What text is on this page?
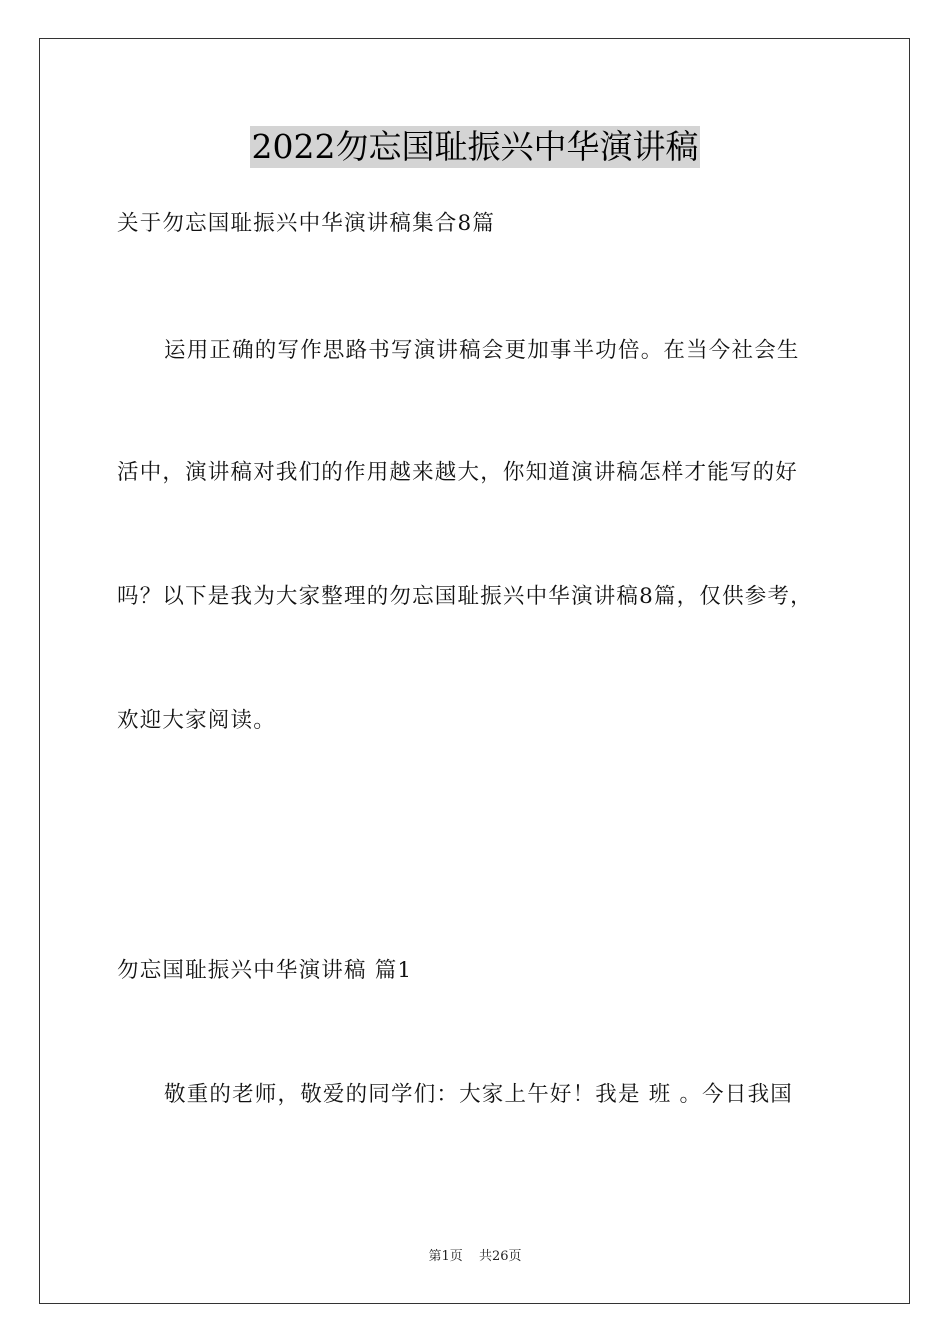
2022勿忘国耻振兴中华演讲稿
关于勿忘国耻振兴中华演讲稿集合8篇
运用正确的写作思路书写演讲稿会更加事半功倍。在当今社会生
活中，演讲稿对我们的作用越来越大，你知道演讲稿怎样才能写的好
吗？以下是我为大家整理的勿忘国耻振兴中华演讲稿8篇，仅供参考，
欢迎大家阅读。
勿忘国耻振兴中华演讲稿 篇1
敬重的老师，敬爱的同学们：大家上午好！我是 班 。今日我国
第1页 共26页
